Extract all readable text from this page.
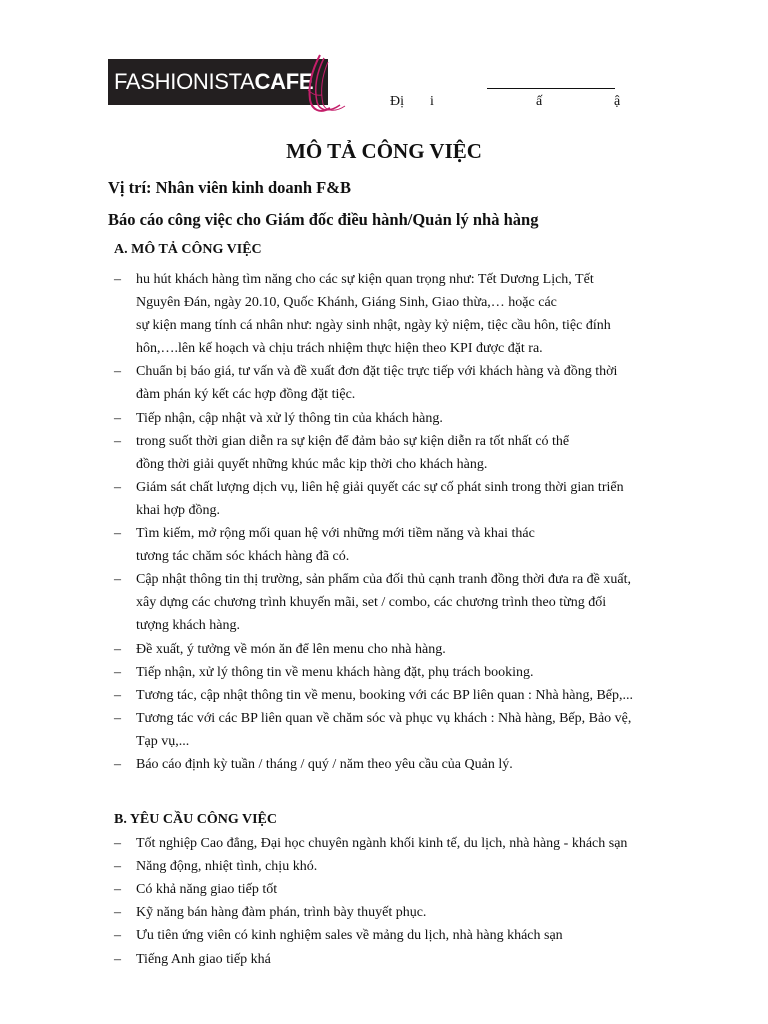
FASHIONISTACAFE
Đị i	ấ	ậ
MÔ TẢ CÔNG VIỆC
Vị trí: Nhân viên kinh doanh F&B
Báo cáo công việc cho Giám đốc điều hành/Quản lý nhà hàng
A. MÔ TẢ CÔNG VIỆC
– hu hút khách hàng tìm năng cho các sự kiện quan trọng như: Tết Dương Lịch, Tết
Nguyên Đán, ngày 20.10, Quốc Khánh, Giáng Sinh, Giao thừa,… hoặc các
sự kiện mang tính cá nhân như: ngày sinh nhật, ngày kỷ niệm, tiệc cầu hôn, tiệc đính
hôn,….lên kế hoạch và chịu trách nhiệm thực hiện theo KPI được đặt ra.
– Chuẩn bị báo giá, tư vấn và đề xuất đơn đặt tiệc trực tiếp với khách hàng và đồng thời
đàm phán ký kết các hợp đồng đặt tiệc.
– Tiếp nhận, cập nhật và xử lý thông tin của khách hàng.
– trong suốt thời gian diễn ra sự kiện để đảm bảo sự kiện diễn ra tốt nhất có thể
đồng thời giải quyết những khúc mắc kịp thời cho khách hàng.
– Giám sát chất lượng dịch vụ, liên hệ giải quyết các sự cố phát sinh trong thời gian triển
khai hợp đồng.
– Tìm kiếm, mở rộng mối quan hệ với những mới tiềm năng và khai thác
tương tác chăm sóc khách hàng đã có.
– Cập nhật thông tin thị trường, sản phẩm của đối thủ cạnh tranh đồng thời đưa ra đề xuất,
xây dựng các chương trình khuyến mãi, set / combo, các chương trình theo từng đối
tượng khách hàng.
– Đề xuất, ý tưởng về món ăn để lên menu cho nhà hàng.
– Tiếp nhận, xử lý thông tin về menu khách hàng đặt, phụ trách booking.
– Tương tác, cập nhật thông tin về menu, booking với các BP liên quan : Nhà hàng, Bếp,...
– Tương tác với các BP liên quan về chăm sóc và phục vụ khách : Nhà hàng, Bếp, Bảo vệ,
Tạp vụ,...
– Báo cáo định kỳ tuần / tháng / quý / năm theo yêu cầu của Quản lý.
B. YÊU CẦU CÔNG VIỆC
– Tốt nghiệp Cao đẳng, Đại học chuyên ngành khối kinh tế, du lịch, nhà hàng - khách sạn
– Năng động, nhiệt tình, chịu khó.
– Có khả năng giao tiếp tốt
– Kỹ năng bán hàng đàm phán, trình bày thuyết phục.
– Ưu tiên ứng viên có kinh nghiệm sales về mảng du lịch, nhà hàng khách sạn
– Tiếng Anh giao tiếp khá
